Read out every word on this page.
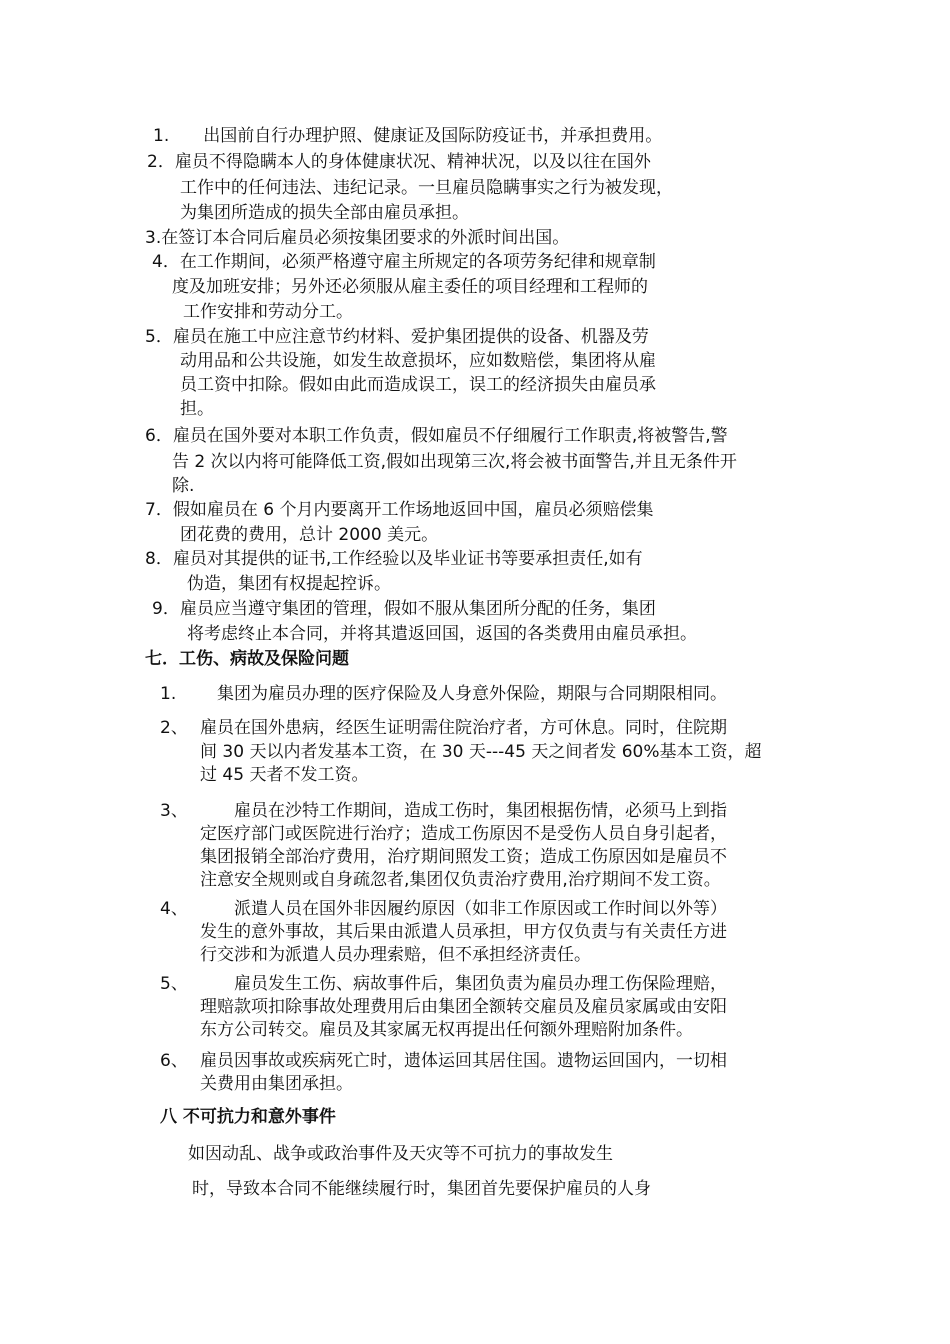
1.　　出国前自行办理护照、健康证及国际防疫证书，并承担费用。
2．雇员不得隐瞒本人的身体健康状况、精神状况，以及以往在国外
工作中的任何违法、违纪记录。一旦雇员隐瞒事实之行为被发现，
为集团所造成的损失全部由雇员承担。
3.在签订本合同后雇员必须按集团要求的外派时间出国。
4．在工作期间，必须严格遵守雇主所规定的各项劳务纪律和规章制
度及加班安排；另外还必须服从雇主委任的项目经理和工程师的
工作安排和劳动分工。
5．雇员在施工中应注意节约材料、爱护集团提供的设备、机器及劳
动用品和公共设施，如发生故意损坏，应如数赔偿，集团将从雇
员工资中扣除。假如由此而造成误工，误工的经济损失由雇员承
担。
6．雇员在国外要对本职工作负责，假如雇员不仔细履行工作职责,将被警告,警
告 2 次以内将可能降低工资,假如出现第三次,将会被书面警告,并且无条件开
除.
7．假如雇员在 6 个月内要离开工作场地返回中国，雇员必须赔偿集
团花费的费用，总计 2000 美元。
8．雇员对其提供的证书,工作经验以及毕业证书等要承担责任,如有
伪造，集团有权提起控诉。
9．雇员应当遵守集团的管理，假如不服从集团所分配的任务，集团
将考虑终止本合同，并将其遣返回国，返国的各类费用由雇员承担。
七．工伤、病故及保险问题
1. 　集团为雇员办理的医疗保险及人身意外保险，期限与合同期限相同。
2、 雇员在国外患病，经医生证明需住院治疗者，方可休息。同时，住院期
间 30 天以内者发基本工资，在 30 天---45 天之间者发 60%基本工资，超
过 45 天者不发工资。
3、 　　雇员在沙特工作期间，造成工伤时，集团根据伤情，必须马上到指
定医疗部门或医院进行治疗；造成工伤原因不是受伤人员自身引起者，
集团报销全部治疗费用，治疗期间照发工资；造成工伤原因如是雇员不
注意安全规则或自身疏忽者,集团仅负责治疗费用,治疗期间不发工资。
4、 　　派遣人员在国外非因履约原因（如非工作原因或工作时间以外等）
发生的意外事故，其后果由派遣人员承担，甲方仅负责与有关责任方进
行交涉和为派遣人员办理索赔，但不承担经济责任。
5、 　　雇员发生工伤、病故事件后，集团负责为雇员办理工伤保险理赔，
理赔款项扣除事故处理费用后由集团全额转交雇员及雇员家属或由安阳
东方公司转交。雇员及其家属无权再提出任何额外理赔附加条件。
6、 雇员因事故或疾病死亡时，遗体运回其居住国。遗物运回国内，一切相
关费用由集团承担。
八 不可抗力和意外事件
如因动乱、战争或政治事件及天灾等不可抗力的事故发生
时，导致本合同不能继续履行时，集团首先要保护雇员的人身
